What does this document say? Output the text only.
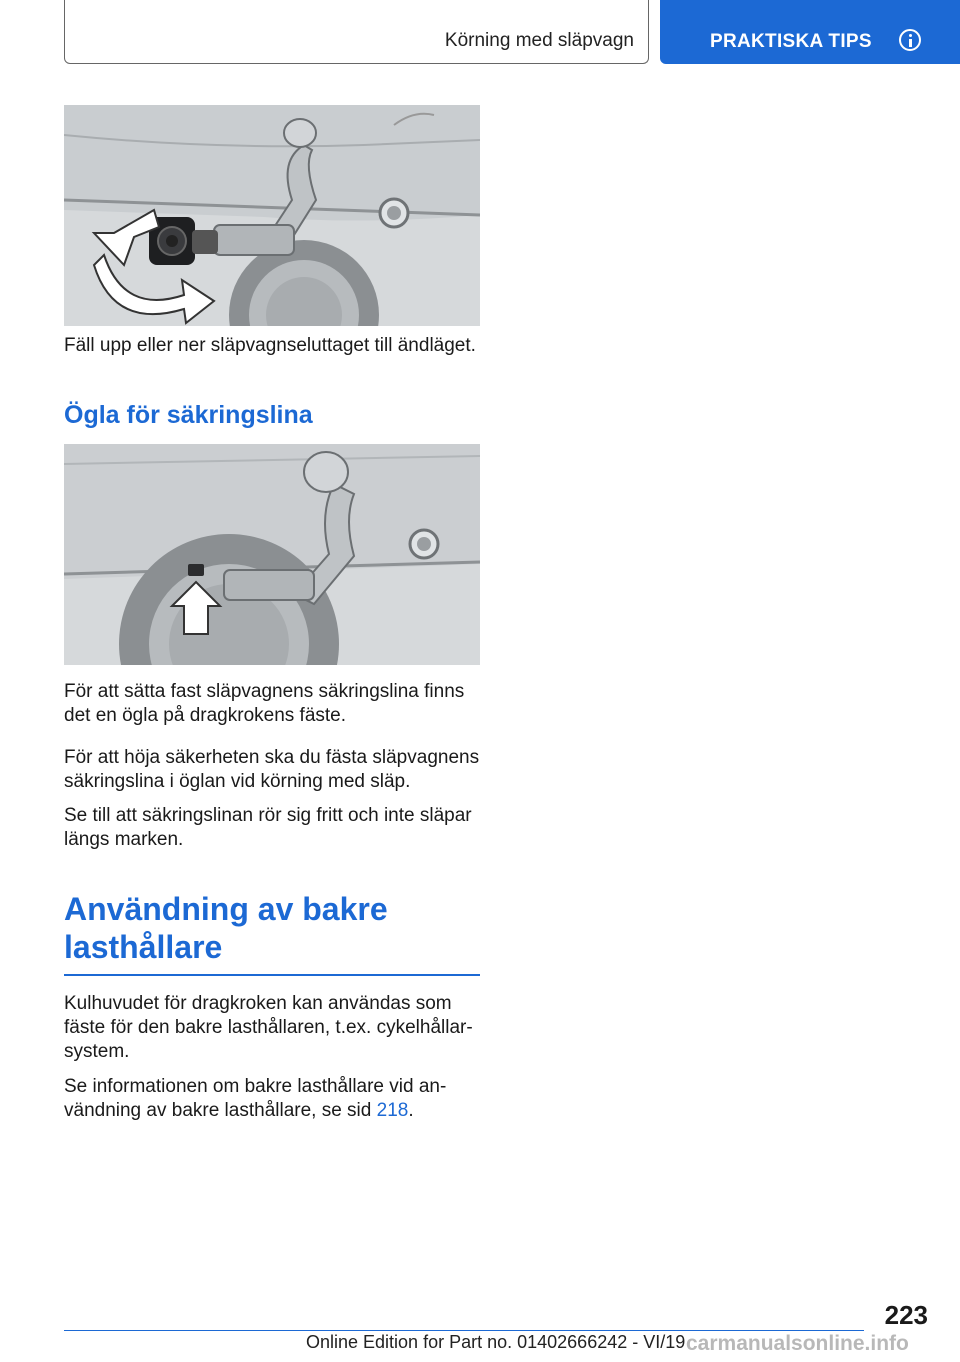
Körning med släpvagn	PRAKTISKA TIPS

Fäll upp eller ner släpvagnseluttaget till ändläget.

Ögla för säkringslina

För att sätta fast släpvagnens säkringslina finns det en ögla på dragkrokens fäste.

För att höja säkerheten ska du fästa släpvagnens säkringslina i öglan vid körning med släp.

Se till att säkringslinan rör sig fritt och inte släpar längs marken.

Användning av bakre lasthållare

Kulhuvudet för dragkroken kan användas som fäste för den bakre lasthållaren, t.ex. cykelhållarsystem.

Se informationen om bakre lasthållare vid användning av bakre lasthållare, se sid 218.

223
Online Edition for Part no. 01402666242 - VI/19 carmanualsonline.info
